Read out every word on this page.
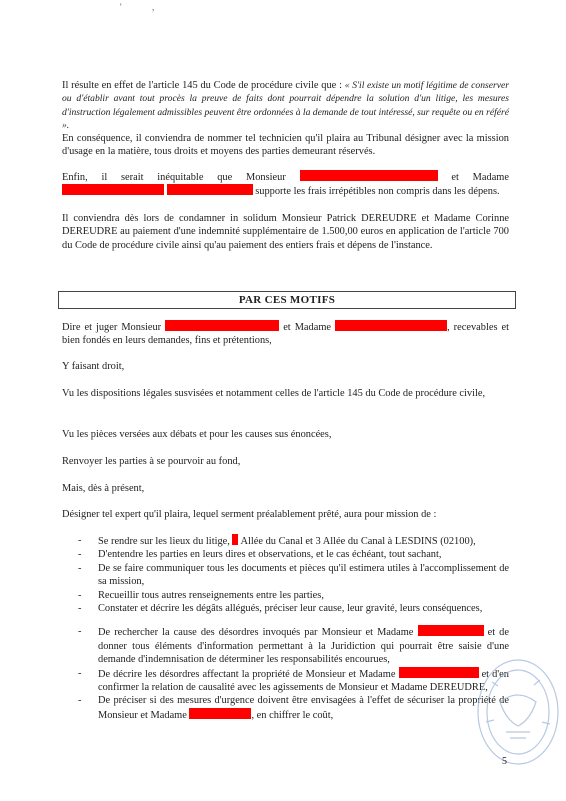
'	,

Il résulte en effet de l'article 145 du Code de procédure civile que : « S'il existe un motif légitime de conserver ou d'établir avant tout procès la preuve de faits dont pourrait dépendre la solution d'un litige, les mesures d'instruction légalement admissibles peuvent être ordonnées à la demande de tout intéressé, sur requête ou en référé ».

En conséquence, il conviendra de nommer tel technicien qu'il plaira au Tribunal désigner avec la mission d'usage en la matière, tous droits et moyens des parties demeurant réservés.

Enfin, il serait inéquitable que Monsieur	et Madame   supporte les frais irrépétibles non compris dans les dépens.

Il conviendra dès lors de condamner in solidum Monsieur Patrick DEREUDRE et Madame Corinne DEREUDRE au paiement d'une indemnité supplémentaire de 1.500,00 euros en application de l'article 700 du Code de procédure civile ainsi qu'au paiement des entiers frais et dépens de l'instance.

PAR CES MOTIFS

Dire et juger Monsieur	et Madame	, recevables et bien fondés en leurs demandes, fins et prétentions,

Y faisant droit,

Vu les dispositions légales susvisées et notamment celles de l'article 145 du Code de procédure civile,

Vu les pièces versées aux débats et pour les causes sus énoncées,

Renvoyer les parties à se pourvoir au fond,

Mais, dès à présent,

Désigner tel expert qu'il plaira, lequel serment préalablement prêté, aura pour mission de :

- Se rendre sur les lieux du litige, Allée du Canal et 3 Allée du Canal à LESDINS (02100),
- D'entendre les parties en leurs dires et observations, et le cas échéant, tout sachant,
- De se faire communiquer tous les documents et pièces qu'il estimera utiles à l'accomplissement de sa mission,
- Recueillir tous autres renseignements entre les parties,
- Constater et décrire les dégâts allégués, préciser leur cause, leur gravité, leurs conséquences,
- De rechercher la cause des désordres invoqués par Monsieur et Madame	et de donner tous éléments d'information permettant à la Juridiction qui pourrait être saisie d'une demande d'indemnisation de déterminer les responsabilités encourues,
- De décrire les désordres affectant la propriété de Monsieur et Madame	et d'en confirmer la relation de causalité avec les agissements de Monsieur et Madame DEREUDRE,
- De préciser si des mesures d'urgence doivent être envisagées à l'effet de sécuriser la propriété de Monsieur et Madame	, en chiffrer le coût,
5
